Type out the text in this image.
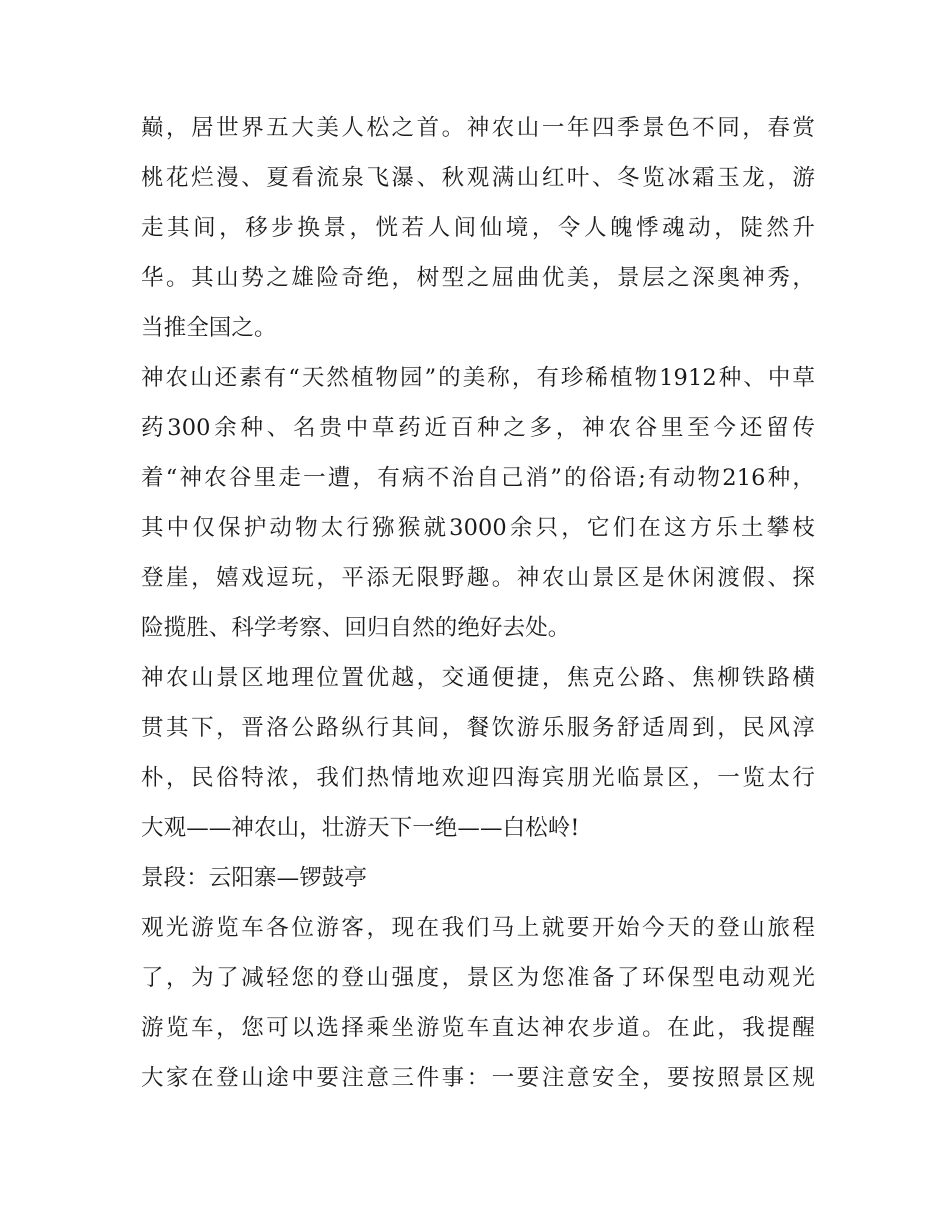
巅，居世界五大美人松之首。神农山一年四季景色不同，春赏
桃花烂漫、夏看流泉飞瀑、秋观满山红叶、冬览冰霜玉龙，游
走其间，移步换景，恍若人间仙境，令人魄悸魂动，陡然升
华。其山势之雄险奇绝，树型之屈曲优美，景层之深奥神秀，
当推全国之。
神农山还素有“天然植物园”的美称，有珍稀植物1912种、中草
药300余种、名贵中草药近百种之多，神农谷里至今还留传
着“神农谷里走一遭，有病不治自己消”的俗语;有动物216种，
其中仅保护动物太行猕猴就3000余只，它们在这方乐土攀枝
登崖，嬉戏逗玩，平添无限野趣。神农山景区是休闲渡假、探
险揽胜、科学考察、回归自然的绝好去处。
神农山景区地理位置优越，交通便捷，焦克公路、焦柳铁路横
贯其下，晋洛公路纵行其间，餐饮游乐服务舒适周到，民风淳
朴，民俗特浓，我们热情地欢迎四海宾朋光临景区，一览太行
大观——神农山，壮游天下一绝——白松岭!
景段：云阳寨—锣鼓亭
观光游览车各位游客，现在我们马上就要开始今天的登山旅程
了，为了减轻您的登山强度，景区为您准备了环保型电动观光
游览车，您可以选择乘坐游览车直达神农步道。在此，我提醒
大家在登山途中要注意三件事：一要注意安全，要按照景区规
